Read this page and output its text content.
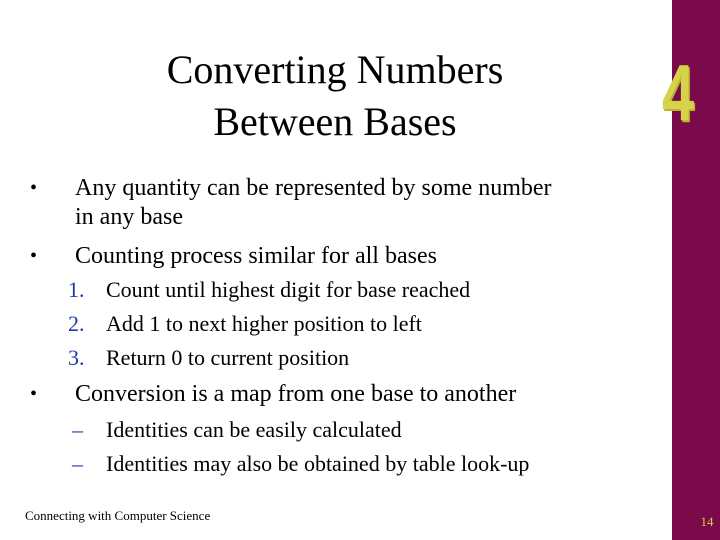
4
Converting Numbers
Between Bases
• Any quantity can be represented by some number
in any base
• Counting process similar for all bases
1. Count until highest digit for base reached
2. Add 1 to next higher position to left
3. Return 0 to current position
• Conversion is a map from one base to another
– Identities can be easily calculated
– Identities may also be obtained by table look-up
Connecting with Computer Science	14
